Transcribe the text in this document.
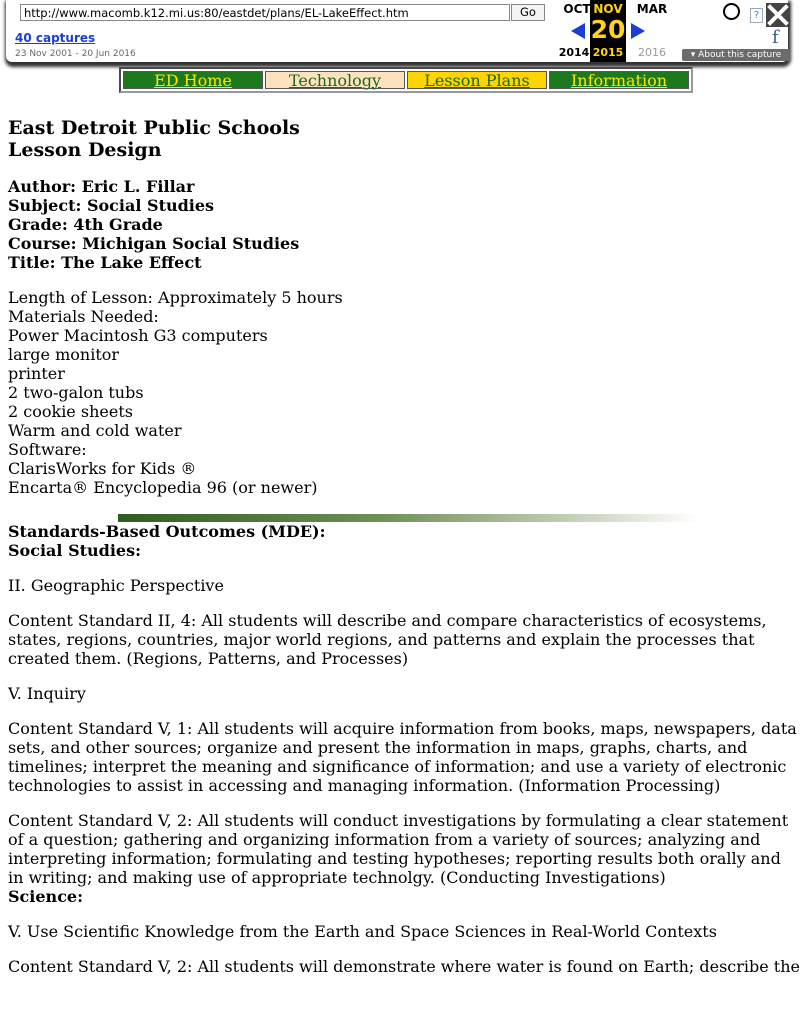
http://www.macomb.k12.mi.us:80/eastdet/plans/EL-LakeEffect.htm
Go
40 captures
23 Nov 2001 - 20 Jun 2016
OCT NOV	MAR
20
2014 2015	2016
?
f
▾ About this capture
ED Home	Technology	Lesson Plans	Information
East Detroit Public Schools
Lesson Design
Author: Eric L. Fillar
Subject: Social Studies
Grade: 4th Grade
Course: Michigan Social Studies
Title: The Lake Effect
Length of Lesson: Approximately 5 hours
Materials Needed:
Power Macintosh G3 computers
large monitor
printer
2 two-galon tubs
2 cookie sheets
Warm and cold water
Software:
ClarisWorks for Kids ®
Encarta® Encyclopedia 96 (or newer)
Standards-Based Outcomes (MDE):
Social Studies:

II. Geographic Perspective

Content Standard II, 4: All students will describe and compare characteristics of ecosystems, states, regions, countries, major world regions, and patterns and explain the processes that created them. (Regions, Patterns, and Processes)

V. Inquiry

Content Standard V, 1: All students will acquire information from books, maps, newspapers, data sets, and other sources; organize and present the information in maps, graphs, charts, and timelines; interpret the meaning and significance of information; and use a variety of electronic technologies to assist in accessing and managing information. (Information Processing)

Content Standard V, 2: All students will conduct investigations by formulating a clear statement of a question; gathering and organizing information from a variety of sources; analyzing and interpreting information; formulating and testing hypotheses; reporting results both orally and in writing; and making use of appropriate technolgy. (Conducting Investigations)

Science:

V. Use Scientific Knowledge from the Earth and Space Sciences in Real-World Contexts

Content Standard V, 2: All students will demonstrate where water is found on Earth; describe the
